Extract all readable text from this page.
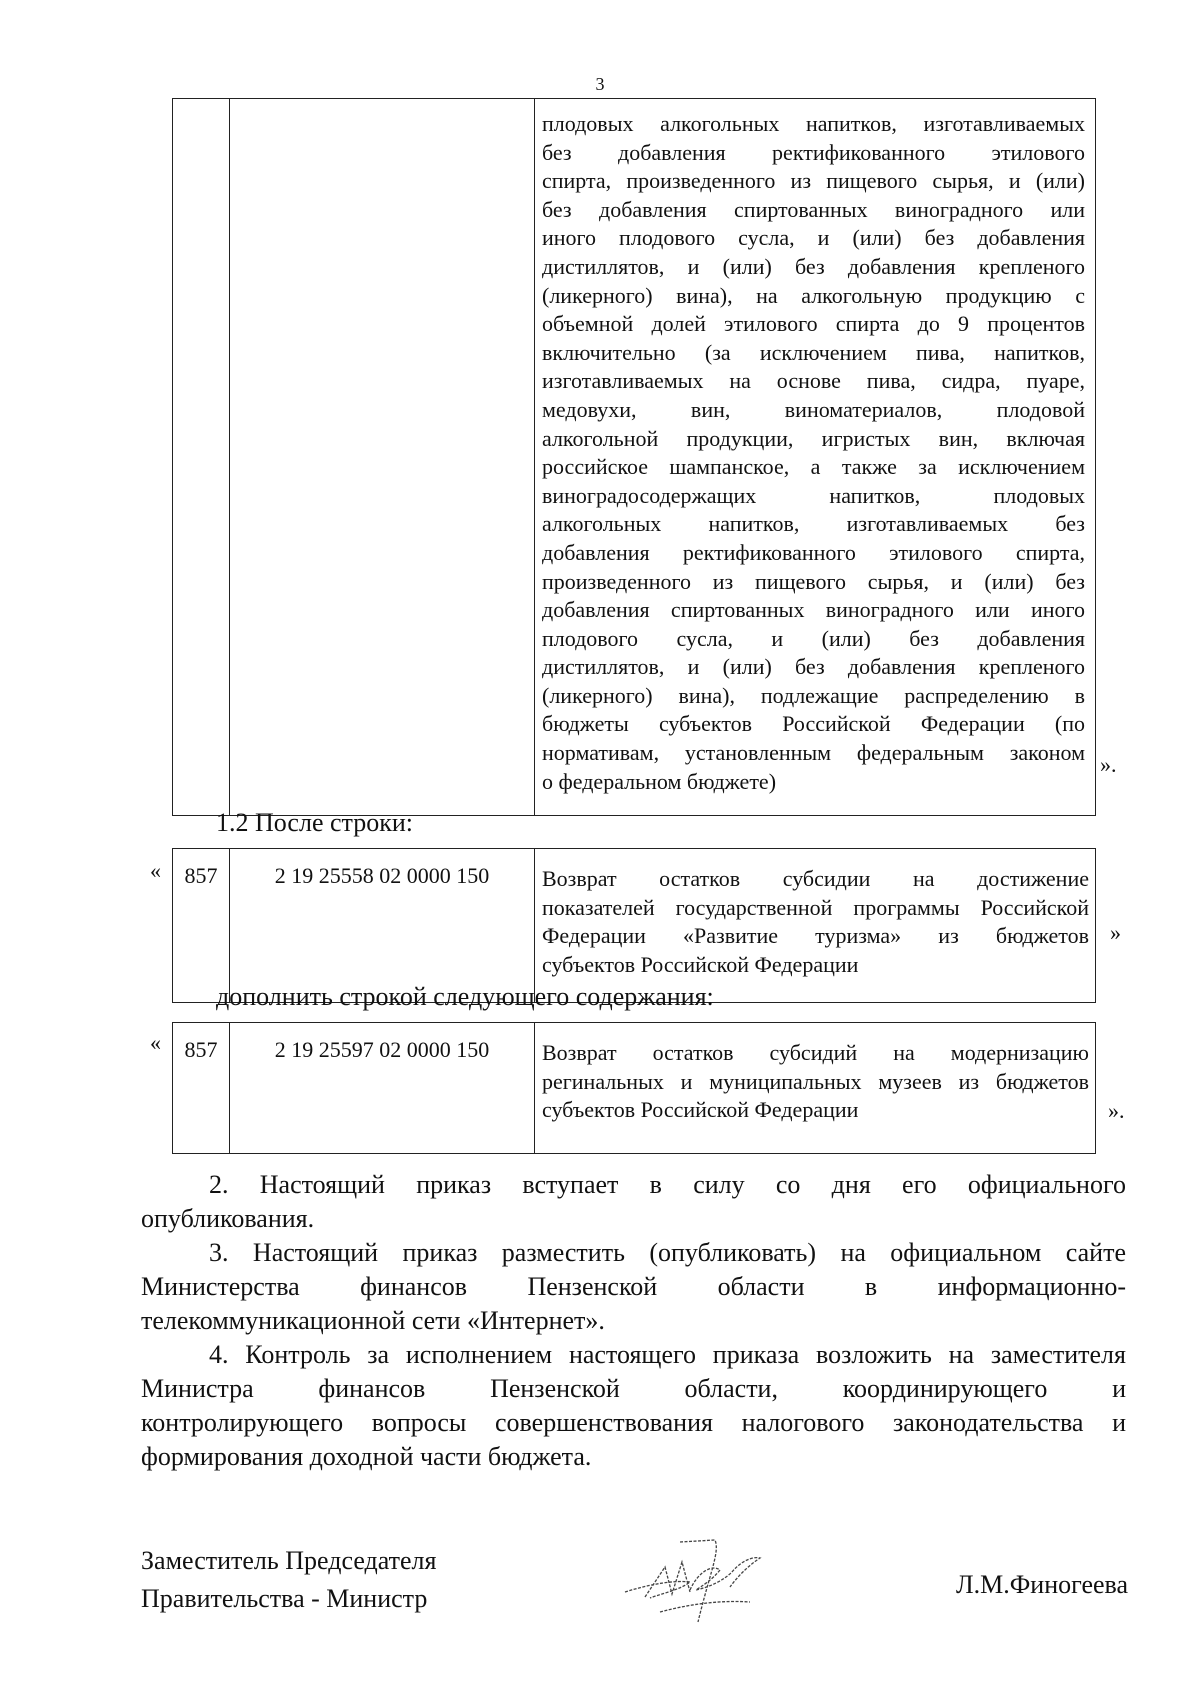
3

плодовых алкогольных напитков, изготавливаемых
без добавления ректификованного этилового
спирта, произведенного из пищевого сырья, и (или)
без добавления спиртованных виноградного или
иного плодового сусла, и (или) без добавления
дистиллятов, и (или) без добавления крепленого
(ликерного) вина), на алкогольную продукцию с
объемной долей этилового спирта до 9 процентов
включительно (за исключением пива, напитков,
изготавливаемых на основе пива, сидра, пуаре,
медовухи, вин, виноматериалов, плодовой
алкогольной продукции, игристых вин, включая
российское шампанское, а также за исключением
виноградосодержащих напитков, плодовых
алкогольных напитков, изготавливаемых без
добавления ректификованного этилового спирта,
произведенного из пищевого сырья, и (или) без
добавления спиртованных виноградного или иного
плодового сусла, и (или) без добавления
дистиллятов, и (или) без добавления крепленого
(ликерного) вина), подлежащие распределению в
бюджеты субъектов Российской Федерации (по
нормативам, установленным федеральным законом
о федеральном бюджете)
».
1.2 После строки:
« 857	2 19 25558 02 0000 150	Возврат остатков субсидии на достижение
показателей государственной программы Российской
Федерации «Развитие туризма» из бюджетов
субъектов Российской Федерации
»
дополнить строкой следующего содержания:
« 857	2 19 25597 02 0000 150	Возврат остатков субсидий на модернизацию
регинальных и муниципальных музеев из бюджетов
субъектов Российской Федерации	».
2. Настоящий приказ вступает в силу со дня его официального
опубликования.
3. Настоящий приказ разместить (опубликовать) на официальном сайте
Министерства финансов Пензенской области в информационно-
телекоммуникационной сети «Интернет».
4. Контроль за исполнением настоящего приказа возложить на заместителя
Министра финансов Пензенской области, координирующего и
контролирующего вопросы совершенствования налогового законодательства и
формирования доходной части бюджета.
Заместитель Председателя
Правительства - Министр	Л.М.Финогеева
